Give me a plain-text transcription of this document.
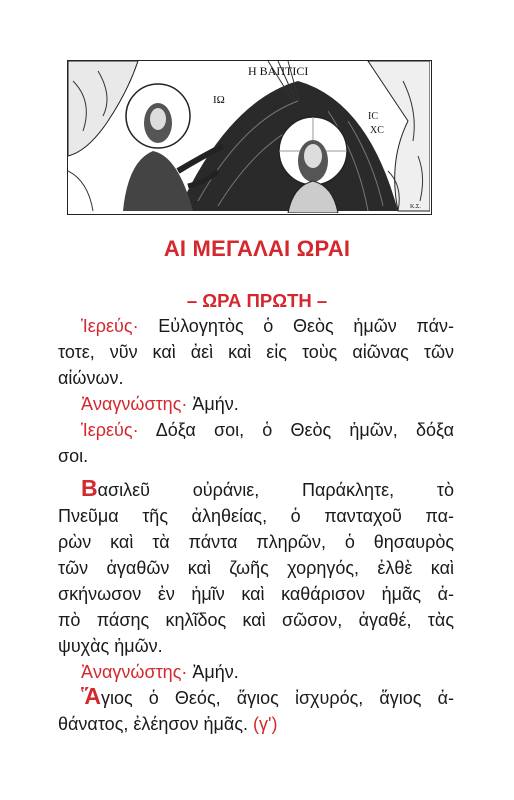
Η ΒΑΠΤΙCΙ
ΙΩ
IC
XC
Κ.Σ.
ΑΙ ΜΕΓΑΛΑΙ ΩΡΑΙ
– ΩΡΑ ΠΡΩΤΗ –
Ἱερεύς· Εὐλογητὸς ὁ Θεὸς ἡμῶν πάν-
τοτε, νῦν καὶ ἀεὶ καὶ εἰς τοὺς αἰῶνας τῶν
αἰώνων.
Ἀναγνώστης· Ἀμήν.
Ἱερεύς· Δόξα σοι, ὁ Θεὸς ἡμῶν, δόξα
σοι.
Βασιλεῦ οὐράνιε, Παράκλητε, τὸ
Πνεῦμα τῆς ἀληθείας, ὁ πανταχοῦ πα-
ρὼν καὶ τὰ πάντα πληρῶν, ὁ θησαυρὸς
τῶν ἀγαθῶν καὶ ζωῆς χορηγός, ἐλθὲ καὶ
σκήνωσον ἐν ἡμῖν καὶ καθάρισον ἡμᾶς ἀ-
πὸ πάσης κηλῖδος καὶ σῶσον, ἀγαθέ, τὰς
ψυχὰς ἡμῶν.
Ἀναγνώστης· Ἀμήν.
Ἅγιος ὁ Θεός, ἅγιος ἰσχυρός, ἅγιος ἀ-
θάνατος, ἐλέησον ἡμᾶς. (γʹ)
